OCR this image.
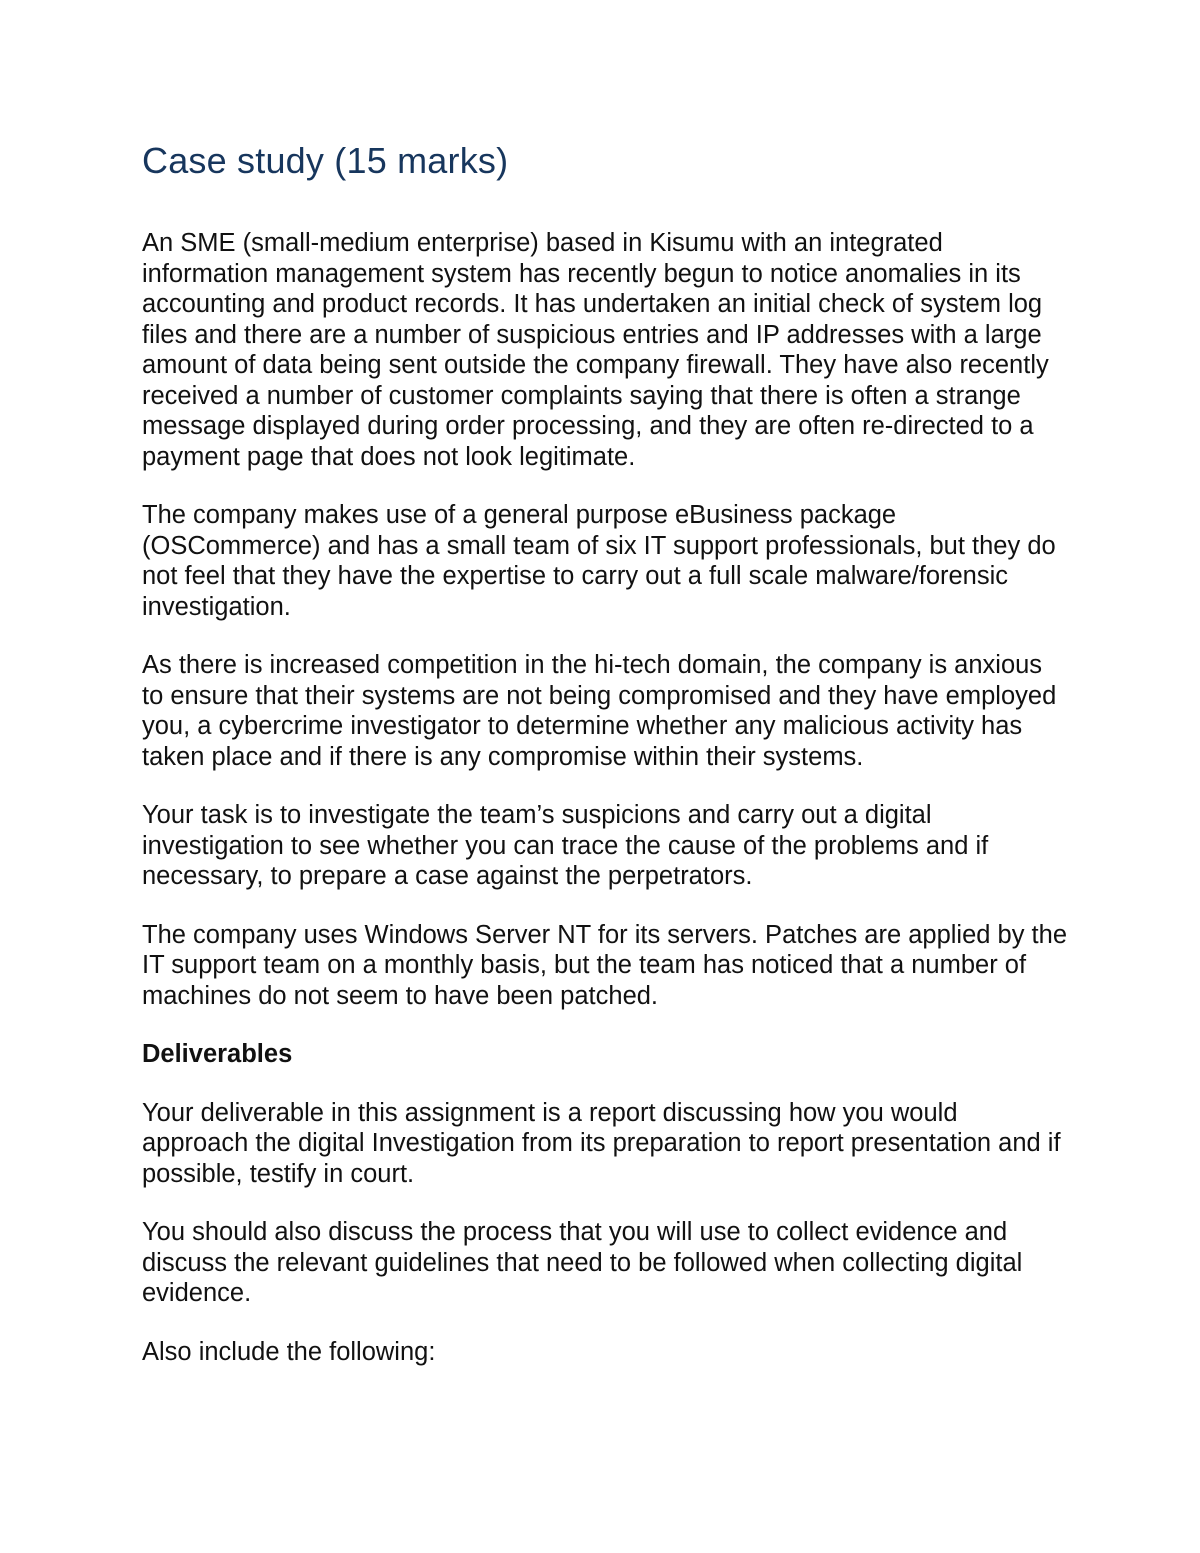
Case study (15 marks)

An SME (small-medium enterprise) based in Kisumu with an integrated information management system has recently begun to notice anomalies in its accounting and product records. It has undertaken an initial check of system log files and there are a number of suspicious entries and IP addresses with a large amount of data being sent outside the company firewall. They have also recently received a number of customer complaints saying that there is often a strange message displayed during order processing, and they are often re-directed to a payment page that does not look legitimate.

The company makes use of a general purpose eBusiness package (OSCommerce) and has a small team of six IT support professionals, but they do not feel that they have the expertise to carry out a full scale malware/forensic investigation.

As there is increased competition in the hi-tech domain, the company is anxious to ensure that their systems are not being compromised and they have employed you, a cybercrime investigator to determine whether any malicious activity has taken place and if there is any compromise within their systems.

Your task is to investigate the team’s suspicions and carry out a digital investigation to see whether you can trace the cause of the problems and if necessary, to prepare a case against the perpetrators.

The company uses Windows Server NT for its servers. Patches are applied by the IT support team on a monthly basis, but the team has noticed that a number of machines do not seem to have been patched.

Deliverables

Your deliverable in this assignment is a report discussing how you would approach the digital Investigation from its preparation to report presentation and if possible, testify in court.

You should also discuss the process that you will use to collect evidence and discuss the relevant guidelines that need to be followed when collecting digital evidence.

Also include the following:
